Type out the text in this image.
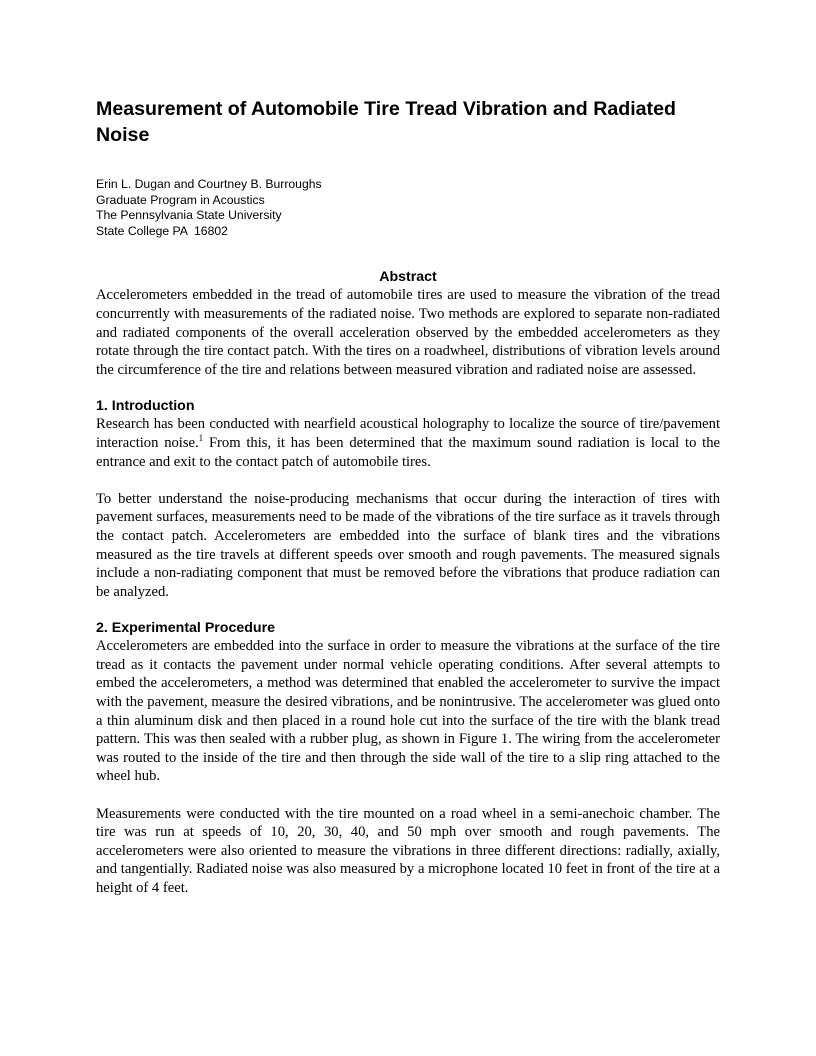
Measurement of Automobile Tire Tread Vibration and Radiated Noise
Erin L. Dugan and Courtney B. Burroughs
Graduate Program in Acoustics
The Pennsylvania State University
State College PA  16802
Abstract

Accelerometers embedded in the tread of automobile tires are used to measure the vibration of the tread concurrently with measurements of the radiated noise. Two methods are explored to separate non-radiated and radiated components of the overall acceleration observed by the embedded accelerometers as they rotate through the tire contact patch. With the tires on a roadwheel, distributions of vibration levels around the circumference of the tire and relations between measured vibration and radiated noise are assessed.

1. Introduction

Research has been conducted with nearfield acoustical holography to localize the source of tire/pavement interaction noise.$^1$ From this, it has been determined that the maximum sound radiation is local to the entrance and exit to the contact patch of automobile tires.

To better understand the noise-producing mechanisms that occur during the interaction of tires with pavement surfaces, measurements need to be made of the vibrations of the tire surface as it travels through the contact patch. Accelerometers are embedded into the surface of blank tires and the vibrations measured as the tire travels at different speeds over smooth and rough pavements. The measured signals include a non-radiating component that must be removed before the vibrations that produce radiation can be analyzed.

2. Experimental Procedure

Accelerometers are embedded into the surface in order to measure the vibrations at the surface of the tire tread as it contacts the pavement under normal vehicle operating conditions. After several attempts to embed the accelerometers, a method was determined that enabled the accelerometer to survive the impact with the pavement, measure the desired vibrations, and be nonintrusive. The accelerometer was glued onto a thin aluminum disk and then placed in a round hole cut into the surface of the tire with the blank tread pattern. This was then sealed with a rubber plug, as shown in Figure 1. The wiring from the accelerometer was routed to the inside of the tire and then through the side wall of the tire to a slip ring attached to the wheel hub.

Measurements were conducted with the tire mounted on a road wheel in a semi-anechoic chamber. The tire was run at speeds of 10, 20, 30, 40, and 50 mph over smooth and rough pavements. The accelerometers were also oriented to measure the vibrations in three different directions: radially, axially, and tangentially. Radiated noise was also measured by a microphone located 10 feet in front of the tire at a height of 4 feet.
